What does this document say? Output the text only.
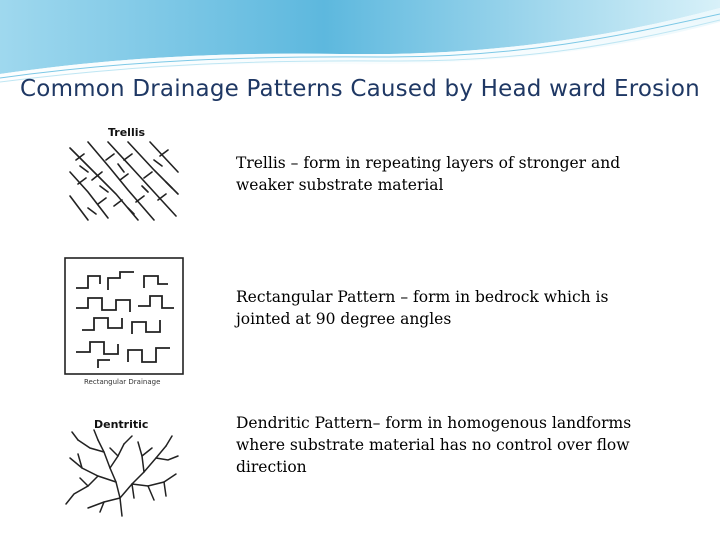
Common Drainage Patterns Caused by Head ward Erosion
Trellis
Trellis – form in repeating layers of stronger and weaker substrate material
Rectangular Drainage
Rectangular Pattern – form in bedrock which is jointed at 90 degree angles
Dentritic	Dendritic Pattern– form in homogenous landforms where substrate material has no control over flow direction
